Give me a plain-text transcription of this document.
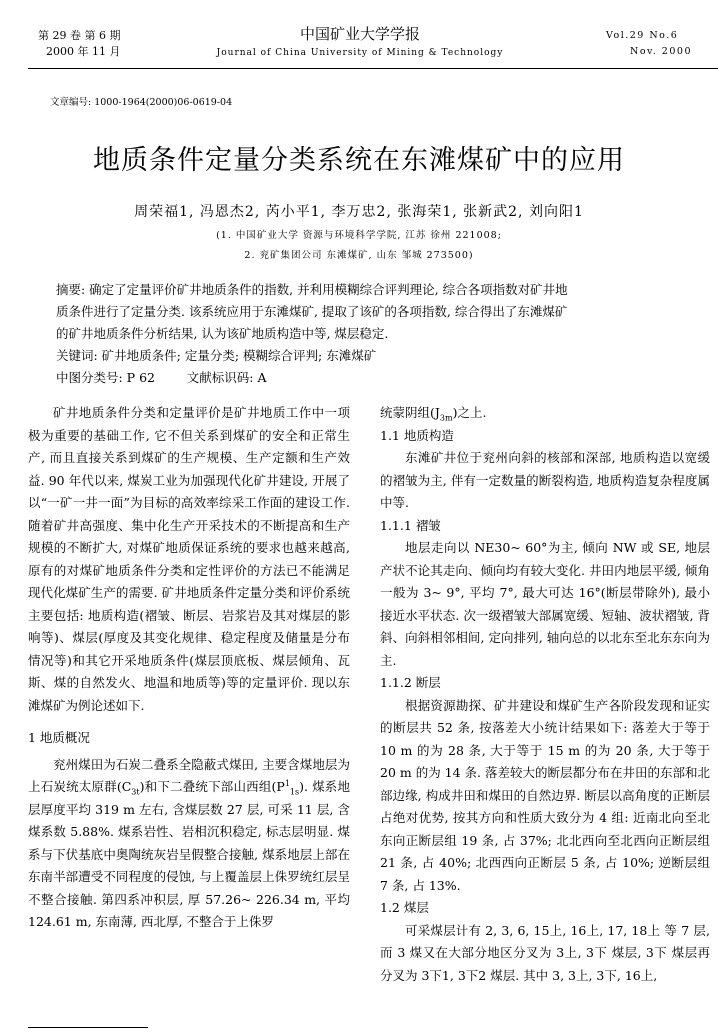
第 29 卷 第 6 期
2000 年 11 月
中国矿业大学学报
Journal of China University of Mining & Technology
Vol.29 No.6
Nov. 2000
文章编号: 1000-1964(2000)06-0619-04
地质条件定量分类系统在东滩煤矿中的应用
周荣福1, 冯恩杰2, 芮小平1, 李万忠2, 张海荣1, 张新武2, 刘向阳1
(1. 中国矿业大学 资源与环境科学学院, 江苏 徐州 221008;
2. 兖矿集团公司 东滩煤矿, 山东 邹城 273500)

摘要: 确定了定量评价矿井地质条件的指数, 并利用模糊综合评判理论, 综合各项指数对矿井地

质条件进行了定量分类. 该系统应用于东滩煤矿, 提取了该矿的各项指数, 综合得出了东滩煤矿

的矿井地质条件分析结果, 认为该矿地质构造中等, 煤层稳定.

关键词: 矿井地质条件; 定量分类; 模糊综合评判; 东滩煤矿

中图分类号: P 62        文献标识码: A

矿井地质条件分类和定量评价是矿井地质工作中一项极为重要的基础工作, 它不但关系到煤矿的安全和正常生产, 而且直接关系到煤矿的生产规模、生产定额和生产效益. 90 年代以来, 煤炭工业为加强现代化矿井建设, 开展了以“一矿一井一面”为目标的高效率综采工作面的建设工作. 随着矿井高强度、集中化生产开采技术的不断提高和生产规模的不断扩大, 对煤矿地质保证系统的要求也越来越高, 原有的对煤矿地质条件分类和定性评价的方法已不能满足现代化煤矿生产的需要. 矿井地质条件定量分类和评价系统主要包括: 地质构造(褶皱、断层、岩浆岩及其对煤层的影响等)、煤层(厚度及其变化规律、稳定程度及储量是分布情况等)和其它开采地质条件(煤层顶底板、煤层倾角、瓦斯、煤的自然发火、地温和地质等)等的定量评价. 现以东滩煤矿为例论述如下.

1 地质概况

兖州煤田为石炭二叠系全隐蔽式煤田, 主要含煤地层为上石炭统太原群$(C_{3t})$和下二叠统下部山西组$(P^1_{1s})$. 煤系地层厚度平均 319 m 左右, 含煤层数 27 层, 可采 11 层, 含煤系数 5.88%. 煤系岩性、岩相沉积稳定, 标志层明显. 煤系与下伏基底中奥陶统灰岩呈假整合接触, 煤系地层上部在东南半部遭受不同程度的侵蚀, 与上覆盖层上侏罗统红层呈不整合接触. 第四系冲积层, 厚 57.26~ 226.34 m, 平均 124.61 m, 东南薄, 西北厚, 不整合于上侏罗

统蒙阴组$(J_{3m})$之上.

1.1 地质构造

东滩矿井位于兖州向斜的核部和深部, 地质构造以宽缓的褶皱为主, 伴有一定数量的断裂构造, 地质构造复杂程度属中等.

1.1.1 褶皱

地层走向以 NE30~ 60°为主, 倾向 NW 或 SE, 地层产状不论其走向、倾向均有较大变化. 井田内地层平缓, 倾角一般为 3~ 9°, 平均 7°, 最大可达 16°(断层带除外), 最小接近水平状态. 次一级褶皱大部属宽缓、短轴、波状褶皱, 背斜、向斜相邻相间, 定向排列, 轴向总的以北东至北东东向为主.

1.1.2 断层

根据资源勘探、矿井建设和煤矿生产各阶段发现和证实的断层共 52 条, 按落差大小统计结果如下: 落差大于等于 10 m 的为 28 条, 大于等于 15 m 的为 20 条, 大于等于 20 m 的为 14 条. 落差较大的断层都分布在井田的东部和北部边缘, 构成井田和煤田的自然边界. 断层以高角度的正断层占绝对优势, 按其方向和性质大致分为 4 组: 近南北向至北东向正断层组 19 条, 占 37%; 北北西向至北西向正断层组 21 条, 占 40%; 北西西向正断层 5 条, 占 10%; 逆断层组 7 条, 占 13%.

1.2 煤层

可采煤层计有 2, 3, 6, 15上, 16上, 17, 18上 等 7 层, 而 3 煤又在大部分地区分叉为 3上, 3下 煤层, 3下 煤层再分叉为 3下1, 3下2 煤层. 其中 3, 3上, 3下, 16上,
